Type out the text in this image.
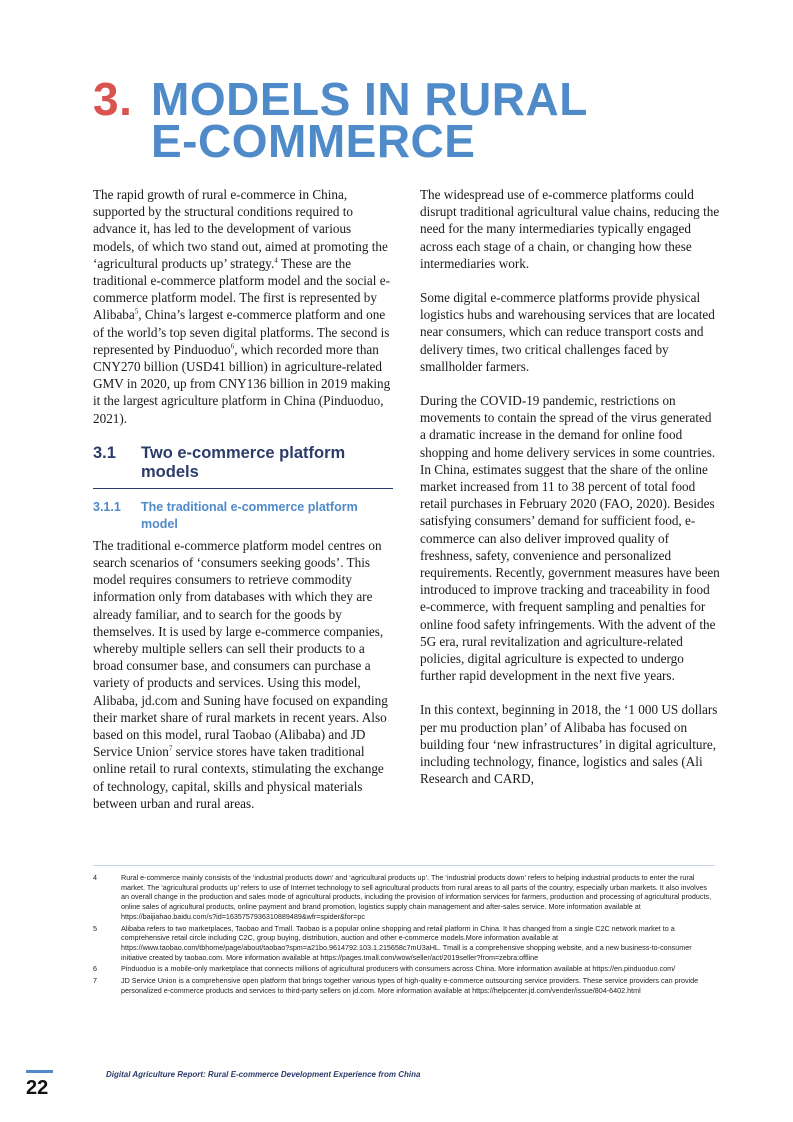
3. MODELS IN RURAL
E-COMMERCE

The rapid growth of rural e-commerce in China, supported by the structural conditions required to advance it, has led to the development of various models, of which two stand out, aimed at promoting the ‘agricultural products up’ strategy.$^4$ These are the traditional e-commerce platform model and the social e-commerce platform model. The first is represented by Alibaba$^5$, China’s largest e-commerce platform and one of the world’s top seven digital platforms. The second is represented by Pinduoduo$^6$, which recorded more than CNY270 billion (USD41 billion) in agriculture-related GMV in 2020, up from CNY136 billion in 2019 making it the largest agriculture platform in China (Pinduoduo, 2021).

3.1 Two e-commerce platform models
3.1.1 The traditional e-commerce platform model

The traditional e-commerce platform model centres on search scenarios of ‘consumers seeking goods’. This model requires consumers to retrieve commodity information only from databases with which they are already familiar, and to search for the goods by themselves. It is used by large e-commerce companies, whereby multiple sellers can sell their products to a broad consumer base, and consumers can purchase a variety of products and services. Using this model, Alibaba, jd.com and Suning have focused on expanding their market share of rural markets in recent years. Also based on this model, rural Taobao (Alibaba) and JD Service Union$^7$ service stores have taken traditional online retail to rural contexts, stimulating the exchange of technology, capital, skills and physical materials between urban and rural areas.

The widespread use of e-commerce platforms could disrupt traditional agricultural value chains, reducing the need for the many intermediaries typically engaged across each stage of a chain, or changing how these intermediaries work.

Some digital e-commerce platforms provide physical logistics hubs and warehousing services that are located near consumers, which can reduce transport costs and delivery times, two critical challenges faced by smallholder farmers.

During the COVID-19 pandemic, restrictions on movements to contain the spread of the virus generated a dramatic increase in the demand for online food shopping and home delivery services in some countries. In China, estimates suggest that the share of the online market increased from 11 to 38 percent of total food retail purchases in February 2020 (FAO, 2020). Besides satisfying consumers’ demand for sufficient food, e-commerce can also deliver improved quality of freshness, safety, convenience and personalized requirements. Recently, government measures have been introduced to improve tracking and traceability in food e-commerce, with frequent sampling and penalties for online food safety infringements. With the advent of the 5G era, rural revitalization and agriculture-related policies, digital agriculture is expected to undergo further rapid development in the next five years.

In this context, beginning in 2018, the ‘1 000 US dollars per mu production plan’ of Alibaba has focused on building four ‘new infrastructures’ in digital agriculture, including technology, finance, logistics and sales (Ali Research and CARD,

4	Rural e-commerce mainly consists of the ‘industrial products down’ and ‘agricultural products up’. The ‘industrial products down’ refers to helping industrial products to enter the rural market. The ‘agricultural products up’ refers to use of Internet technology to sell agricultural products from rural areas to all parts of the country, especially urban markets. It also involves an overall change in the production and sales mode of agricultural products, including the provision of information services for farmers, production and processing of agricultural products, online sales of agricultural products, online payment and brand promotion, logistics supply chain management and after-sales service. More information available at https://baijiahao.baidu.com/s?id=1635757936310889489&wfr=spider&for=pc
5	Alibaba refers to two marketplaces, Taobao and Tmall. Taobao is a popular online shopping and retail platform in China. It has changed from a single C2C network market to a comprehensive retail circle including C2C, group buying, distribution, auction and other e-commerce models.More information available at https://www.taobao.com/tbhome/page/about/taobao?spm=a21bo.9614792.103.1.215658c7mU3aHL. Tmall is a comprehensive shopping website, and a new business-to-consumer initiative created by taobao.com. More information available at https://pages.tmall.com/wow/seller/act/2019seller?from=zebra:offline
6	Pinduoduo is a mobile-only marketplace that connects millions of agricultural producers with consumers across China. More information available at https://en.pinduoduo.com/
7	JD Service Union is a comprehensive open platform that brings together various types of high-quality e-commerce outsourcing service providers. These service providers can provide personalized e-commerce products and services to third-party sellers on jd.com. More information available at https://helpcenter.jd.com/vender/issue/804-6402.html
22
Digital Agriculture Report: Rural E-commerce Development Experience from China
